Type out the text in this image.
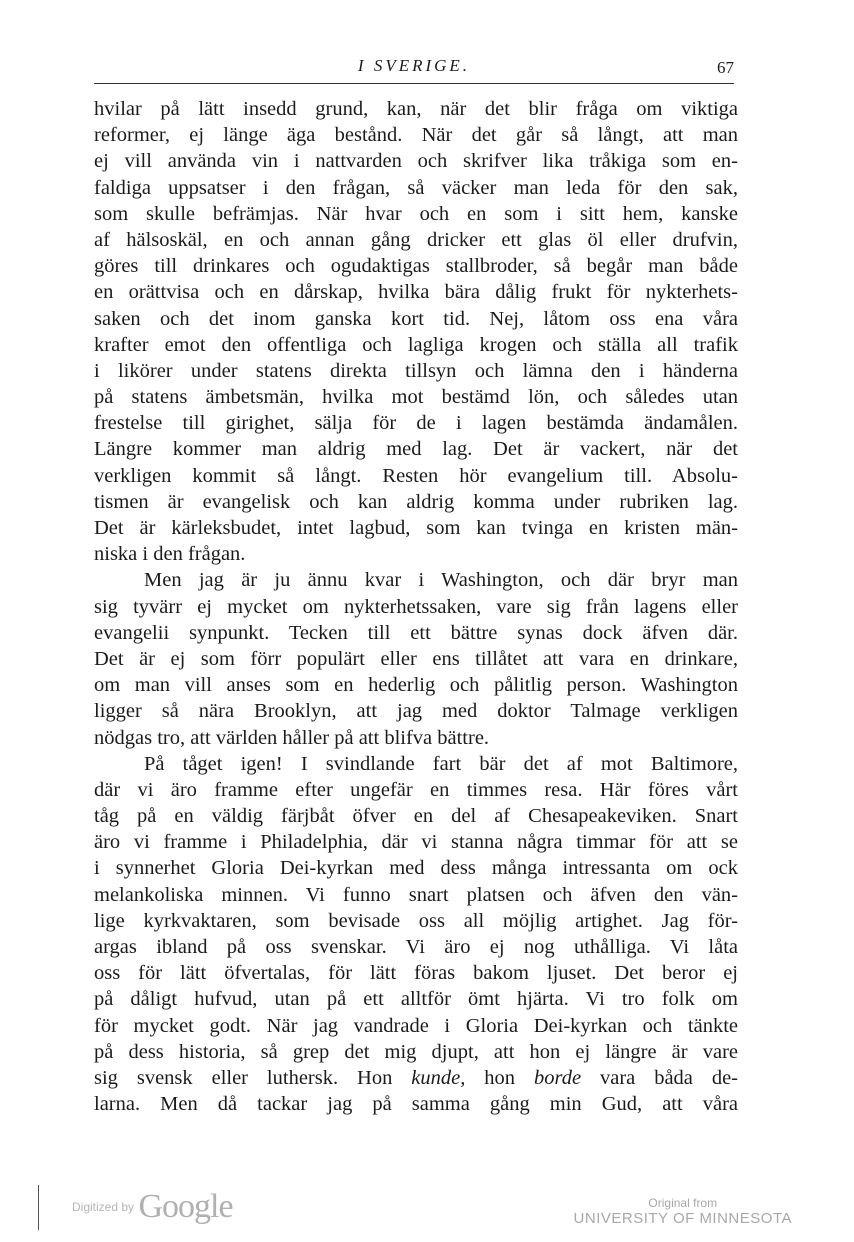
I SVERIGE.	67
hvilar på lätt insedd grund, kan, när det blir fråga om viktiga
reformer, ej länge äga bestånd. När det går så långt, att man
ej vill använda vin i nattvarden och skrifver lika tråkiga som en-
faldiga uppsatser i den frågan, så väcker man leda för den sak,
som skulle befrämjas. När hvar och en som i sitt hem, kanske
af hälsoskäl, en och annan gång dricker ett glas öl eller drufvin,
göres till drinkares och ogudaktigas stallbroder, så begår man både
en orättvisa och en dårskap, hvilka bära dålig frukt för nykterhets-
saken och det inom ganska kort tid. Nej, låtom oss ena våra
krafter emot den offentliga och lagliga krogen och ställa all trafik
i likörer under statens direkta tillsyn och lämna den i händerna
på statens ämbetsmän, hvilka mot bestämd lön, och således utan
frestelse till girighet, sälja för de i lagen bestämda ändamålen.
Längre kommer man aldrig med lag. Det är vackert, när det
verkligen kommit så långt. Resten hör evangelium till. Absolu-
tismen är evangelisk och kan aldrig komma under rubriken lag.
Det är kärleksbudet, intet lagbud, som kan tvinga en kristen män-
niska i den frågan.
Men jag är ju ännu kvar i Washington, och där bryr man
sig tyvärr ej mycket om nykterhetssaken, vare sig från lagens eller
evangelii synpunkt. Tecken till ett bättre synas dock äfven där.
Det är ej som förr populärt eller ens tillåtet att vara en drinkare,
om man vill anses som en hederlig och pålitlig person. Washington
ligger så nära Brooklyn, att jag med doktor Talmage verkligen
nödgas tro, att världen håller på att blifva bättre.
På tåget igen! I svindlande fart bär det af mot Baltimore,
där vi äro framme efter ungefär en timmes resa. Här föres vårt
tåg på en väldig färjbåt öfver en del af Chesapeakeviken. Snart
äro vi framme i Philadelphia, där vi stanna några timmar för att se
i synnerhet Gloria Dei-kyrkan med dess många intressanta om ock
melankoliska minnen. Vi funno snart platsen och äfven den vän-
lige kyrkvaktaren, som bevisade oss all möjlig artighet. Jag för-
argas ibland på oss svenskar. Vi äro ej nog uthålliga. Vi låta
oss för lätt öfvertalas, för lätt föras bakom ljuset. Det beror ej
på dåligt hufvud, utan på ett alltför ömt hjärta. Vi tro folk om
för mycket godt. När jag vandrade i Gloria Dei-kyrkan och tänkte
på dess historia, så grep det mig djupt, att hon ej längre är vare
sig svensk eller luthersk. Hon kunde, hon borde vara båda de-
larna. Men då tackar jag på samma gång min Gud, att våra
Digitized by Google	Original from
UNIVERSITY OF MINNESOTA
